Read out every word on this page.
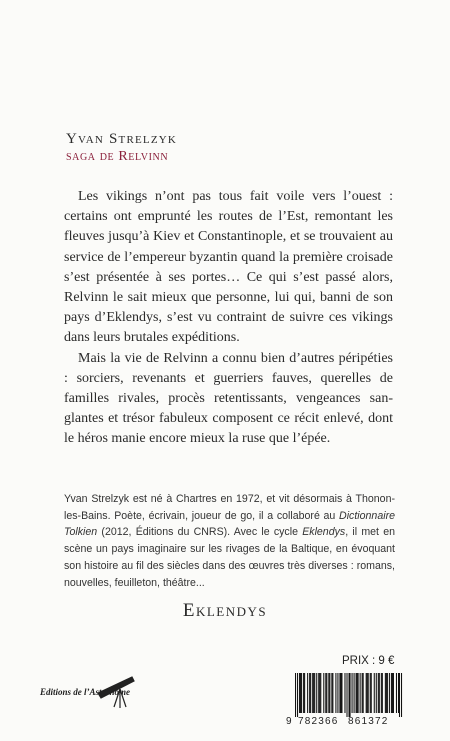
Yvan Strelzyk
saga de Relvinn

Les vikings n’ont pas tous fait voile vers l’ouest : certains ont emprunté les routes de l’Est, remontant les fleuves jusqu’à Kiev et Constantinople, et se trouvaient au service de l’empereur byzantin quand la première croisade s’est présentée à ses portes… Ce qui s’est passé alors, Relvinn le sait mieux que personne, lui qui, banni de son pays d’Eklendys, s’est vu contraint de suivre ces vikings dans leurs brutales expéditions.

Mais la vie de Relvinn a connu bien d’autres péripéties : sorciers, revenants et guerriers fauves, querelles de familles rivales, procès retentissants, vengeances sanglantes et trésor fabuleux composent ce récit enlevé, dont le héros manie encore mieux la ruse que l’épée.

Yvan Strelzyk est né à Chartres en 1972, et vit désormais à Thonon-les-Bains. Poète, écrivain, joueur de go, il a collaboré au Dictionnaire Tolkien (2012, Éditions du CNRS). Avec le cycle Eklendys, il met en scène un pays imaginaire sur les rivages de la Baltique, en évoquant son histoire au fil des siècles dans des œuvres très diverses : romans, nouvelles, feuilleton, théâtre...
Eklendys
PRIX : 9 €
Editions de l’Astronome
9 782366 861372
